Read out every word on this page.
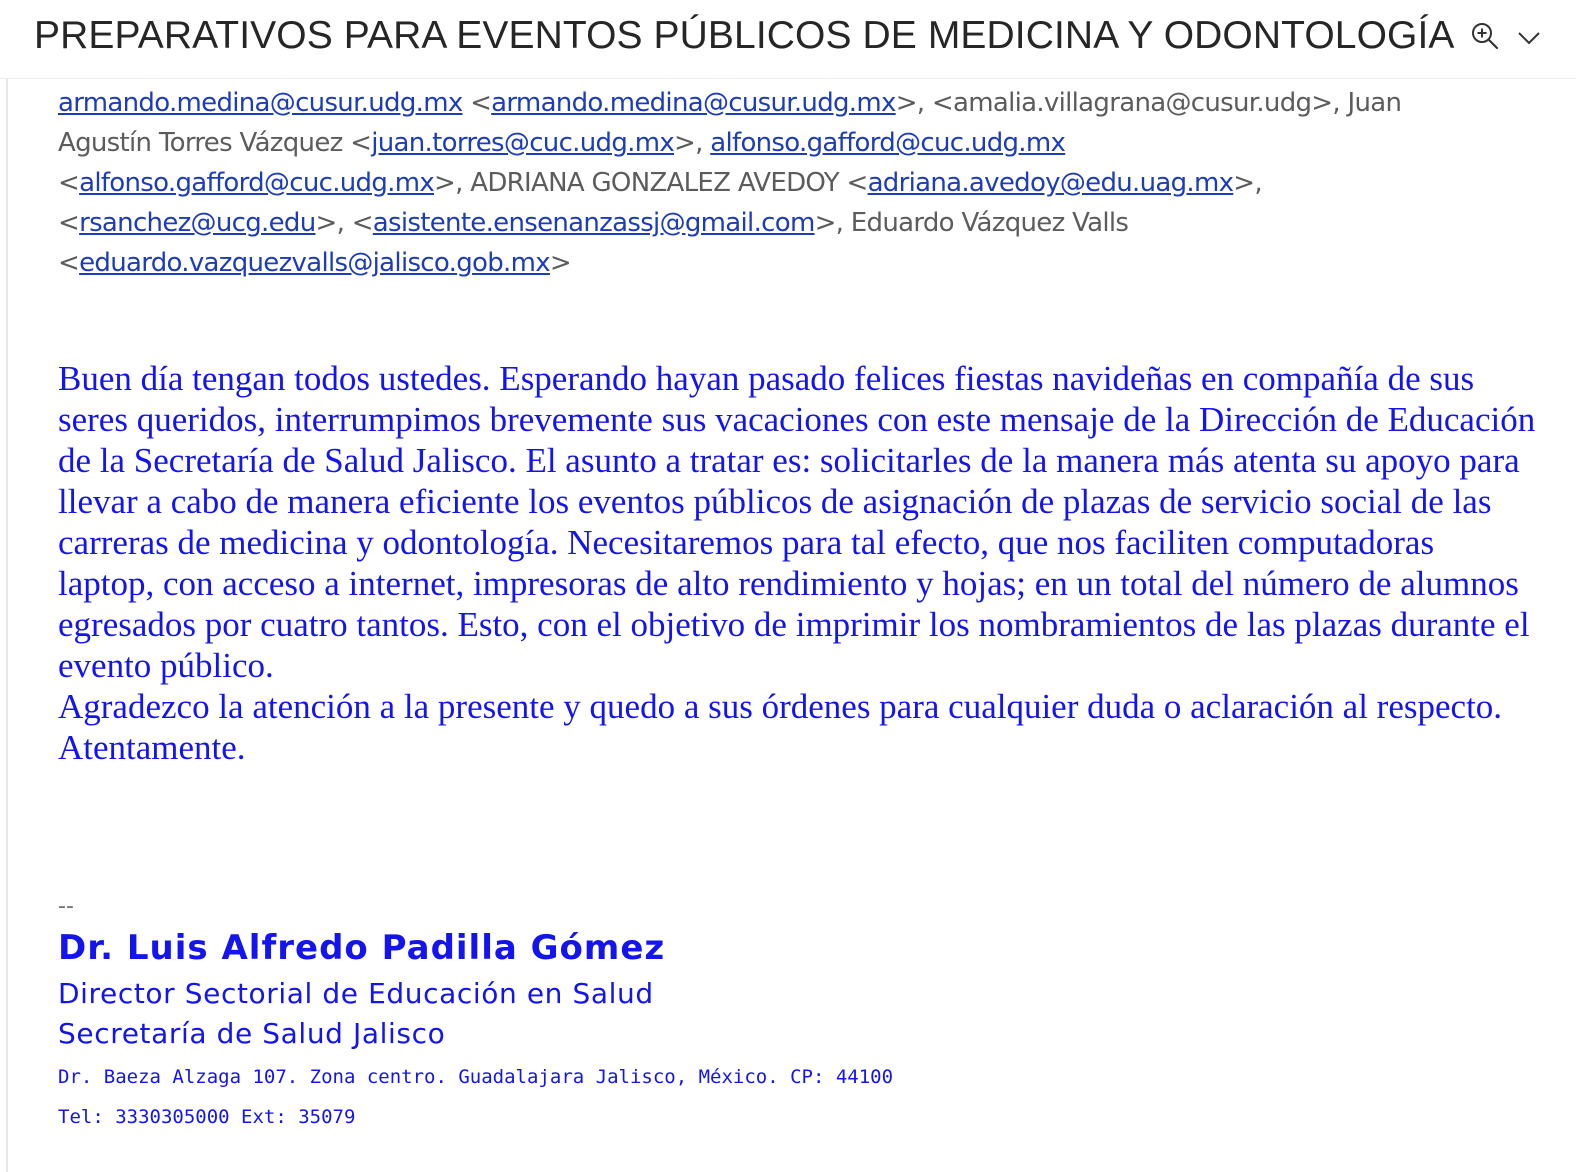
PREPARATIVOS PARA EVENTOS PÚBLICOS DE MEDICINA Y ODONTOLOGÍA
armando.medina@cusur.udg.mx <armando.medina@cusur.udg.mx>, <amalia.villagrana@cusur.udg>, Juan
Agustín Torres Vázquez <juan.torres@cuc.udg.mx>, alfonso.gafford@cuc.udg.mx
<alfonso.gafford@cuc.udg.mx>, ADRIANA GONZALEZ AVEDOY <adriana.avedoy@edu.uag.mx>,
<rsanchez@ucg.edu>, <asistente.ensenanzassj@gmail.com>, Eduardo Vázquez Valls
<eduardo.vazquezvalls@jalisco.gob.mx>

Buen día tengan todos ustedes. Esperando hayan pasado felices fiestas navideñas en compañía de sus seres queridos, interrumpimos brevemente sus vacaciones con este mensaje de la Dirección de Educación de la Secretaría de Salud Jalisco. El asunto a tratar es: solicitarles de la manera más atenta su apoyo para llevar a cabo de manera eficiente los eventos públicos de asignación de plazas de servicio social de las carreras de medicina y odontología. Necesitaremos para tal efecto, que nos faciliten computadoras laptop, con acceso a internet, impresoras de alto rendimiento y hojas; en un total del número de alumnos egresados por cuatro tantos. Esto, con el objetivo de imprimir los nombramientos de las plazas durante el evento público.

Agradezco la atención a la presente y quedo a sus órdenes para cualquier duda o aclaración al respecto.

Atentamente.

--
Dr. Luis Alfredo Padilla Gómez
Director Sectorial de Educación en Salud
Secretaría de Salud Jalisco
Dr. Baeza Alzaga 107. Zona centro. Guadalajara Jalisco, México. CP: 44100
Tel: 3330305000 Ext: 35079
